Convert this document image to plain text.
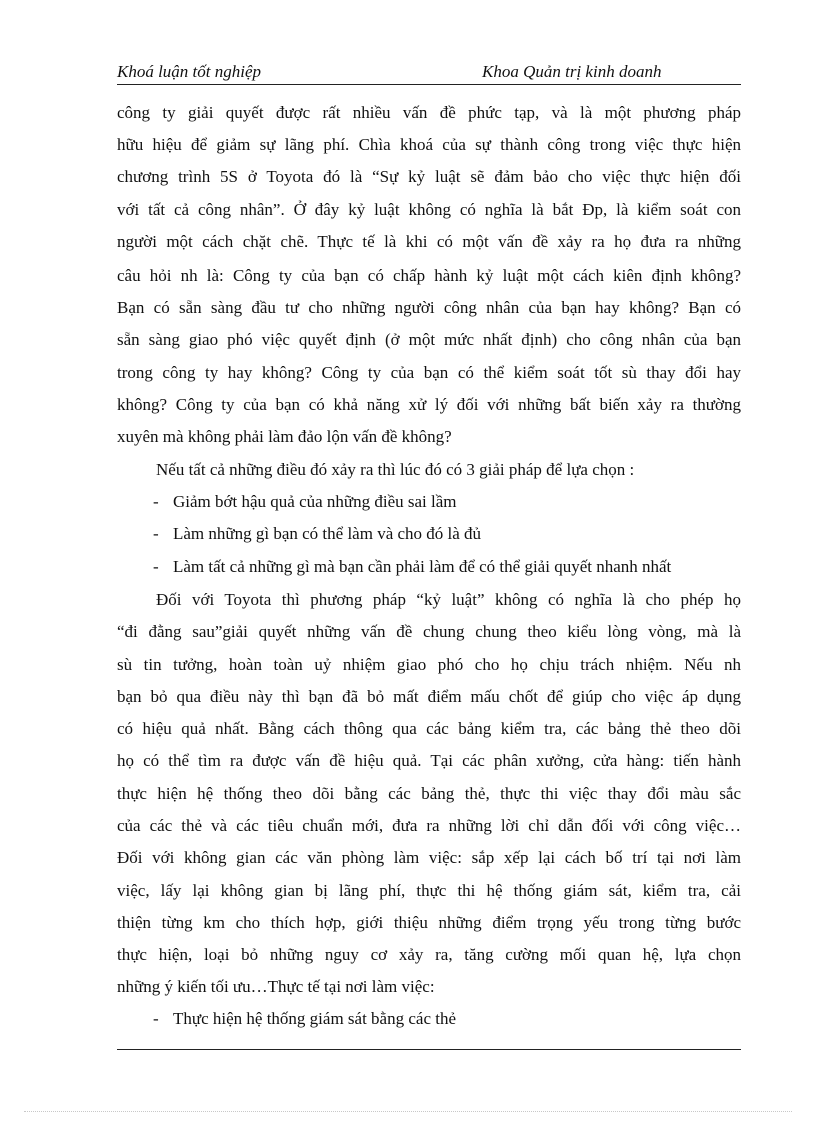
Khoá luận tốt nghiệp	Khoa Quản trị kinh doanh
công ty giải quyết được rất nhiều vấn đề phức tạp, và là một phương pháp
hữu hiệu để giảm sự lãng phí. Chìa khoá của sự thành công trong việc thực hiện
chương trình 5S ở Toyota đó là “Sự kỷ luật sẽ đảm bảo cho việc thực hiện đối
với tất cả công nhân”. Ở đây kỷ luật không có nghĩa là bắt Đp, là kiểm soát con
người một cách chặt chẽ. Thực tế là khi có một vấn đề xảy ra họ đưa ra những
câu hỏi nh là: Công ty của bạn có chấp hành kỷ luật một cách kiên định không?
Bạn có sẵn sàng đầu tư cho những người công nhân của bạn hay không? Bạn có
sẵn sàng giao phó việc quyết định (ở một mức nhất định) cho công nhân của bạn
trong công ty hay không? Công ty của bạn có thể kiểm soát tốt sù thay đổi hay
không? Công ty của bạn có khả năng xử lý đối với những bất biến xảy ra thường
xuyên mà không phải làm đảo lộn vấn đề không?
Nếu tất cả những điều đó xảy ra thì lúc đó có 3 giải pháp để lựa chọn :
- Giảm bớt hậu quả của những điều sai lầm
- Làm những gì bạn có thể làm và cho đó là đủ
- Làm tất cả những gì mà bạn cần phải làm để có thể giải quyết nhanh nhất
Đối với Toyota thì phương pháp “kỷ luật” không có nghĩa là cho phép họ
“đi đằng sau”giải quyết những vấn đề chung chung theo kiểu lòng vòng, mà là
sù tin tưởng, hoàn toàn uỷ nhiệm giao phó cho họ chịu trách nhiệm. Nếu nh
bạn bỏ qua điều này thì bạn đã bỏ mất điểm mấu chốt để giúp cho việc áp dụng
có hiệu quả nhất. Bằng cách thông qua các bảng kiểm tra, các bảng thẻ theo dõi
họ có thể tìm ra được vấn đề hiệu quả. Tại các phân xưởng, cửa hàng: tiến hành
thực hiện hệ thống theo dõi bằng các bảng thẻ, thực thi việc thay đổi màu sắc
của các thẻ và các tiêu chuẩn mới, đưa ra những lời chỉ dẫn đối với công việc…
Đối với không gian các văn phòng làm việc: sắp xếp lại cách bố trí tại nơi làm
việc, lấy lại không gian bị lãng phí, thực thi hệ thống giám sát, kiểm tra, cải
thiện từng km cho thích hợp, giới thiệu những điểm trọng yếu trong từng bước
thực hiện, loại bỏ những nguy cơ xảy ra, tăng cường mối quan hệ, lựa chọn
những ý kiến tối ưu…Thực tế tại nơi làm việc:
- Thực hiện hệ thống giám sát bằng các thẻ
